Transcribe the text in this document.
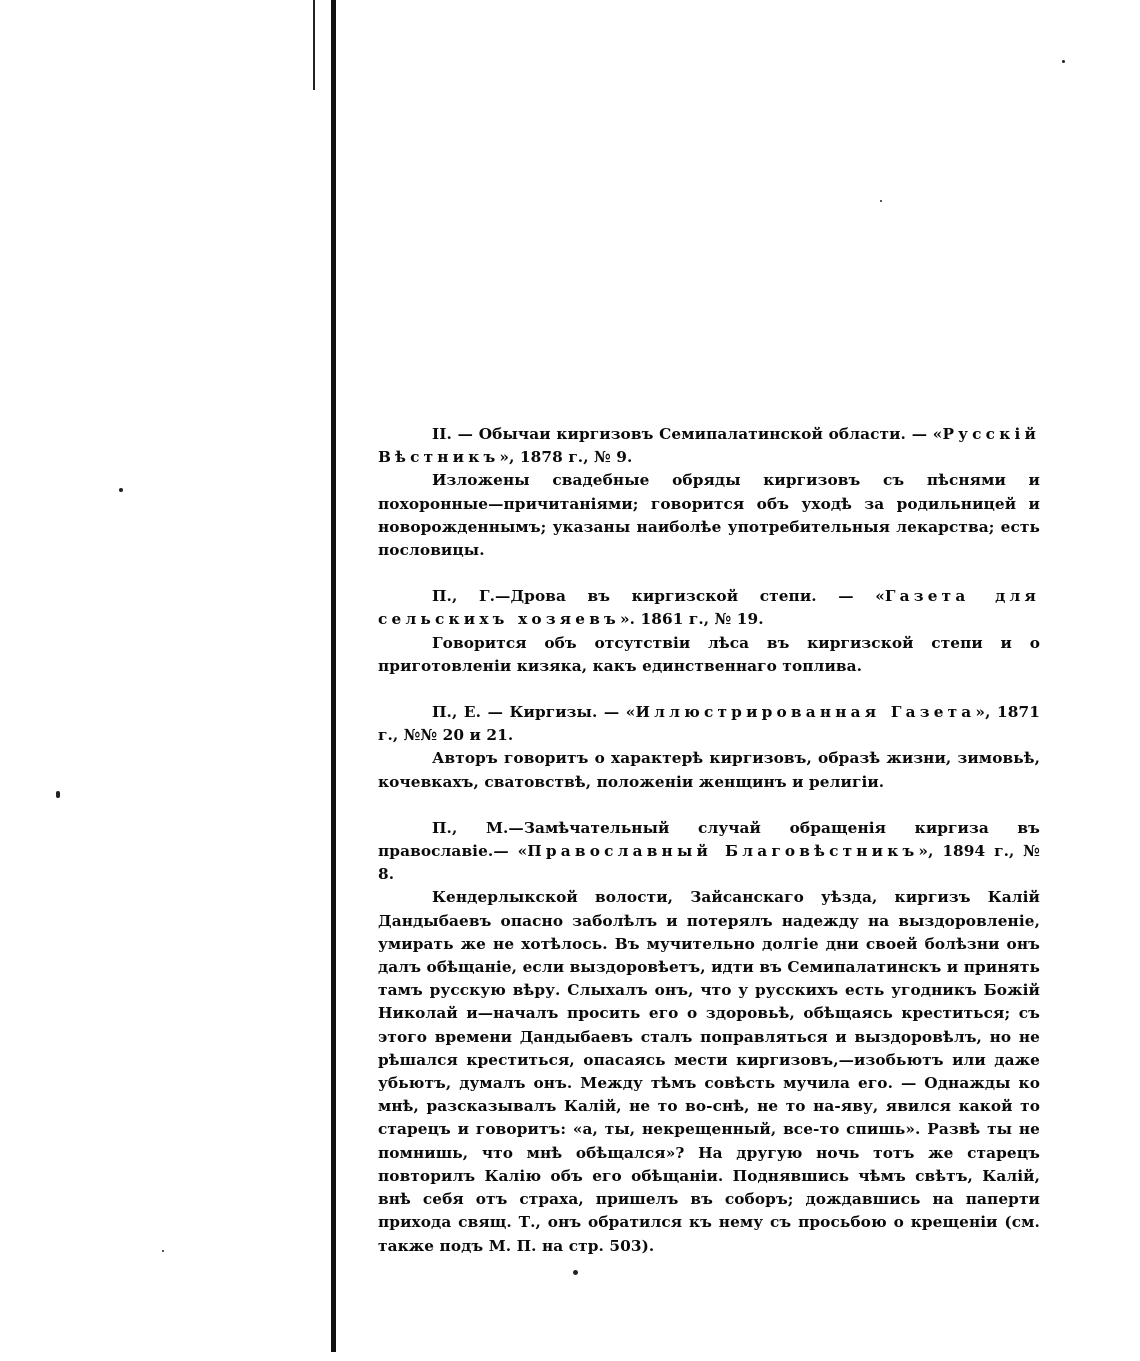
II. — Обычаи киргизовъ Семипалатинской области. — «Русскій Вѣстникъ», 1878 г., № 9.

Изложены свадебные обряды киргизовъ съ пѣснями и похоронные—причитаніями; говорится объ уходѣ за родильницей и новорожденнымъ; указаны наиболѣе употребительныя лекарства; есть пословицы.

П., Г.—Дрова въ киргизской степи. — «Газета для сельскихъ хозяевъ». 1861 г., № 19.

Говорится объ отсутствіи лѣса въ киргизской степи и о приготовленіи кизяка, какъ единственнаго топлива.

П., Е. — Киргизы. — «Иллюстрированная Газета», 1871 г., №№ 20 и 21.

Авторъ говоритъ о характерѣ киргизовъ, образѣ жизни, зимовьѣ, кочевкахъ, сватовствѣ, положеніи женщинъ и религіи.

П., М.—Замѣчательный случай обращенія киргиза въ православіе.— «Православный Благовѣстникъ», 1894 г., № 8.

Кендерлыкской волости, Зайсанскаго уѣзда, киргизъ Калій Дандыбаевъ опасно заболѣлъ и потерялъ надежду на выздоровленіе, умирать же не хотѣлось. Въ мучительно долгіе дни своей болѣзни онъ далъ обѣщаніе, если выздоровѣетъ, идти въ Семипалатинскъ и принять тамъ русскую вѣру. Слыхалъ онъ, что у русскихъ есть угодникъ Божій Николай и—началъ просить его о здоровьѣ, обѣщаясь креститься; съ этого времени Дандыбаевъ сталъ поправляться и выздоровѣлъ, но не рѣшался креститься, опасаясь мести киргизовъ,—изобьютъ или даже убьютъ, думалъ онъ. Между тѣмъ совѣсть мучила его. — Однажды ко мнѣ, разсказывалъ Калій, не то во-снѣ, не то на-яву, явился какой то старецъ и говоритъ: «а, ты, некрещенный, все-то спишь». Развѣ ты не помнишь, что мнѣ обѣщался»? На другую ночь тотъ же старецъ повторилъ Калію объ его обѣщаніи. Поднявшись чѣмъ свѣтъ, Калій, внѣ себя отъ страха, пришелъ въ соборъ; дождавшись на паперти прихода свящ. Т., онъ обратился къ нему съ просьбою о крещеніи (см. также подъ М. П. на стр. 503).
